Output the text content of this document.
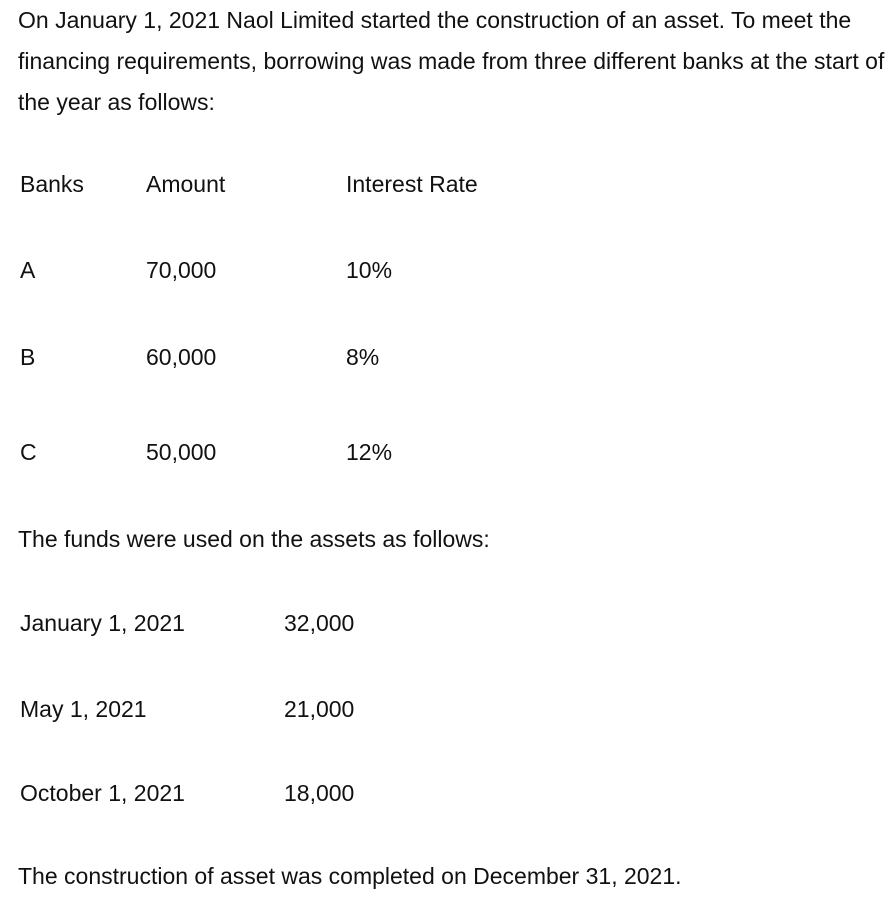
On January 1, 2021 Naol Limited started the construction of an asset. To meet the financing requirements, borrowing was made from three different banks at the start of the year as follows:

Banks	Amount	Interest Rate
A	70,000	10%
B	60,000	8%
C	50,000	12%
The funds were used on the assets as follows:
January 1, 2021	32,000
May 1, 2021	21,000
October 1, 2021	18,000
The construction of asset was completed on December 31, 2021.
